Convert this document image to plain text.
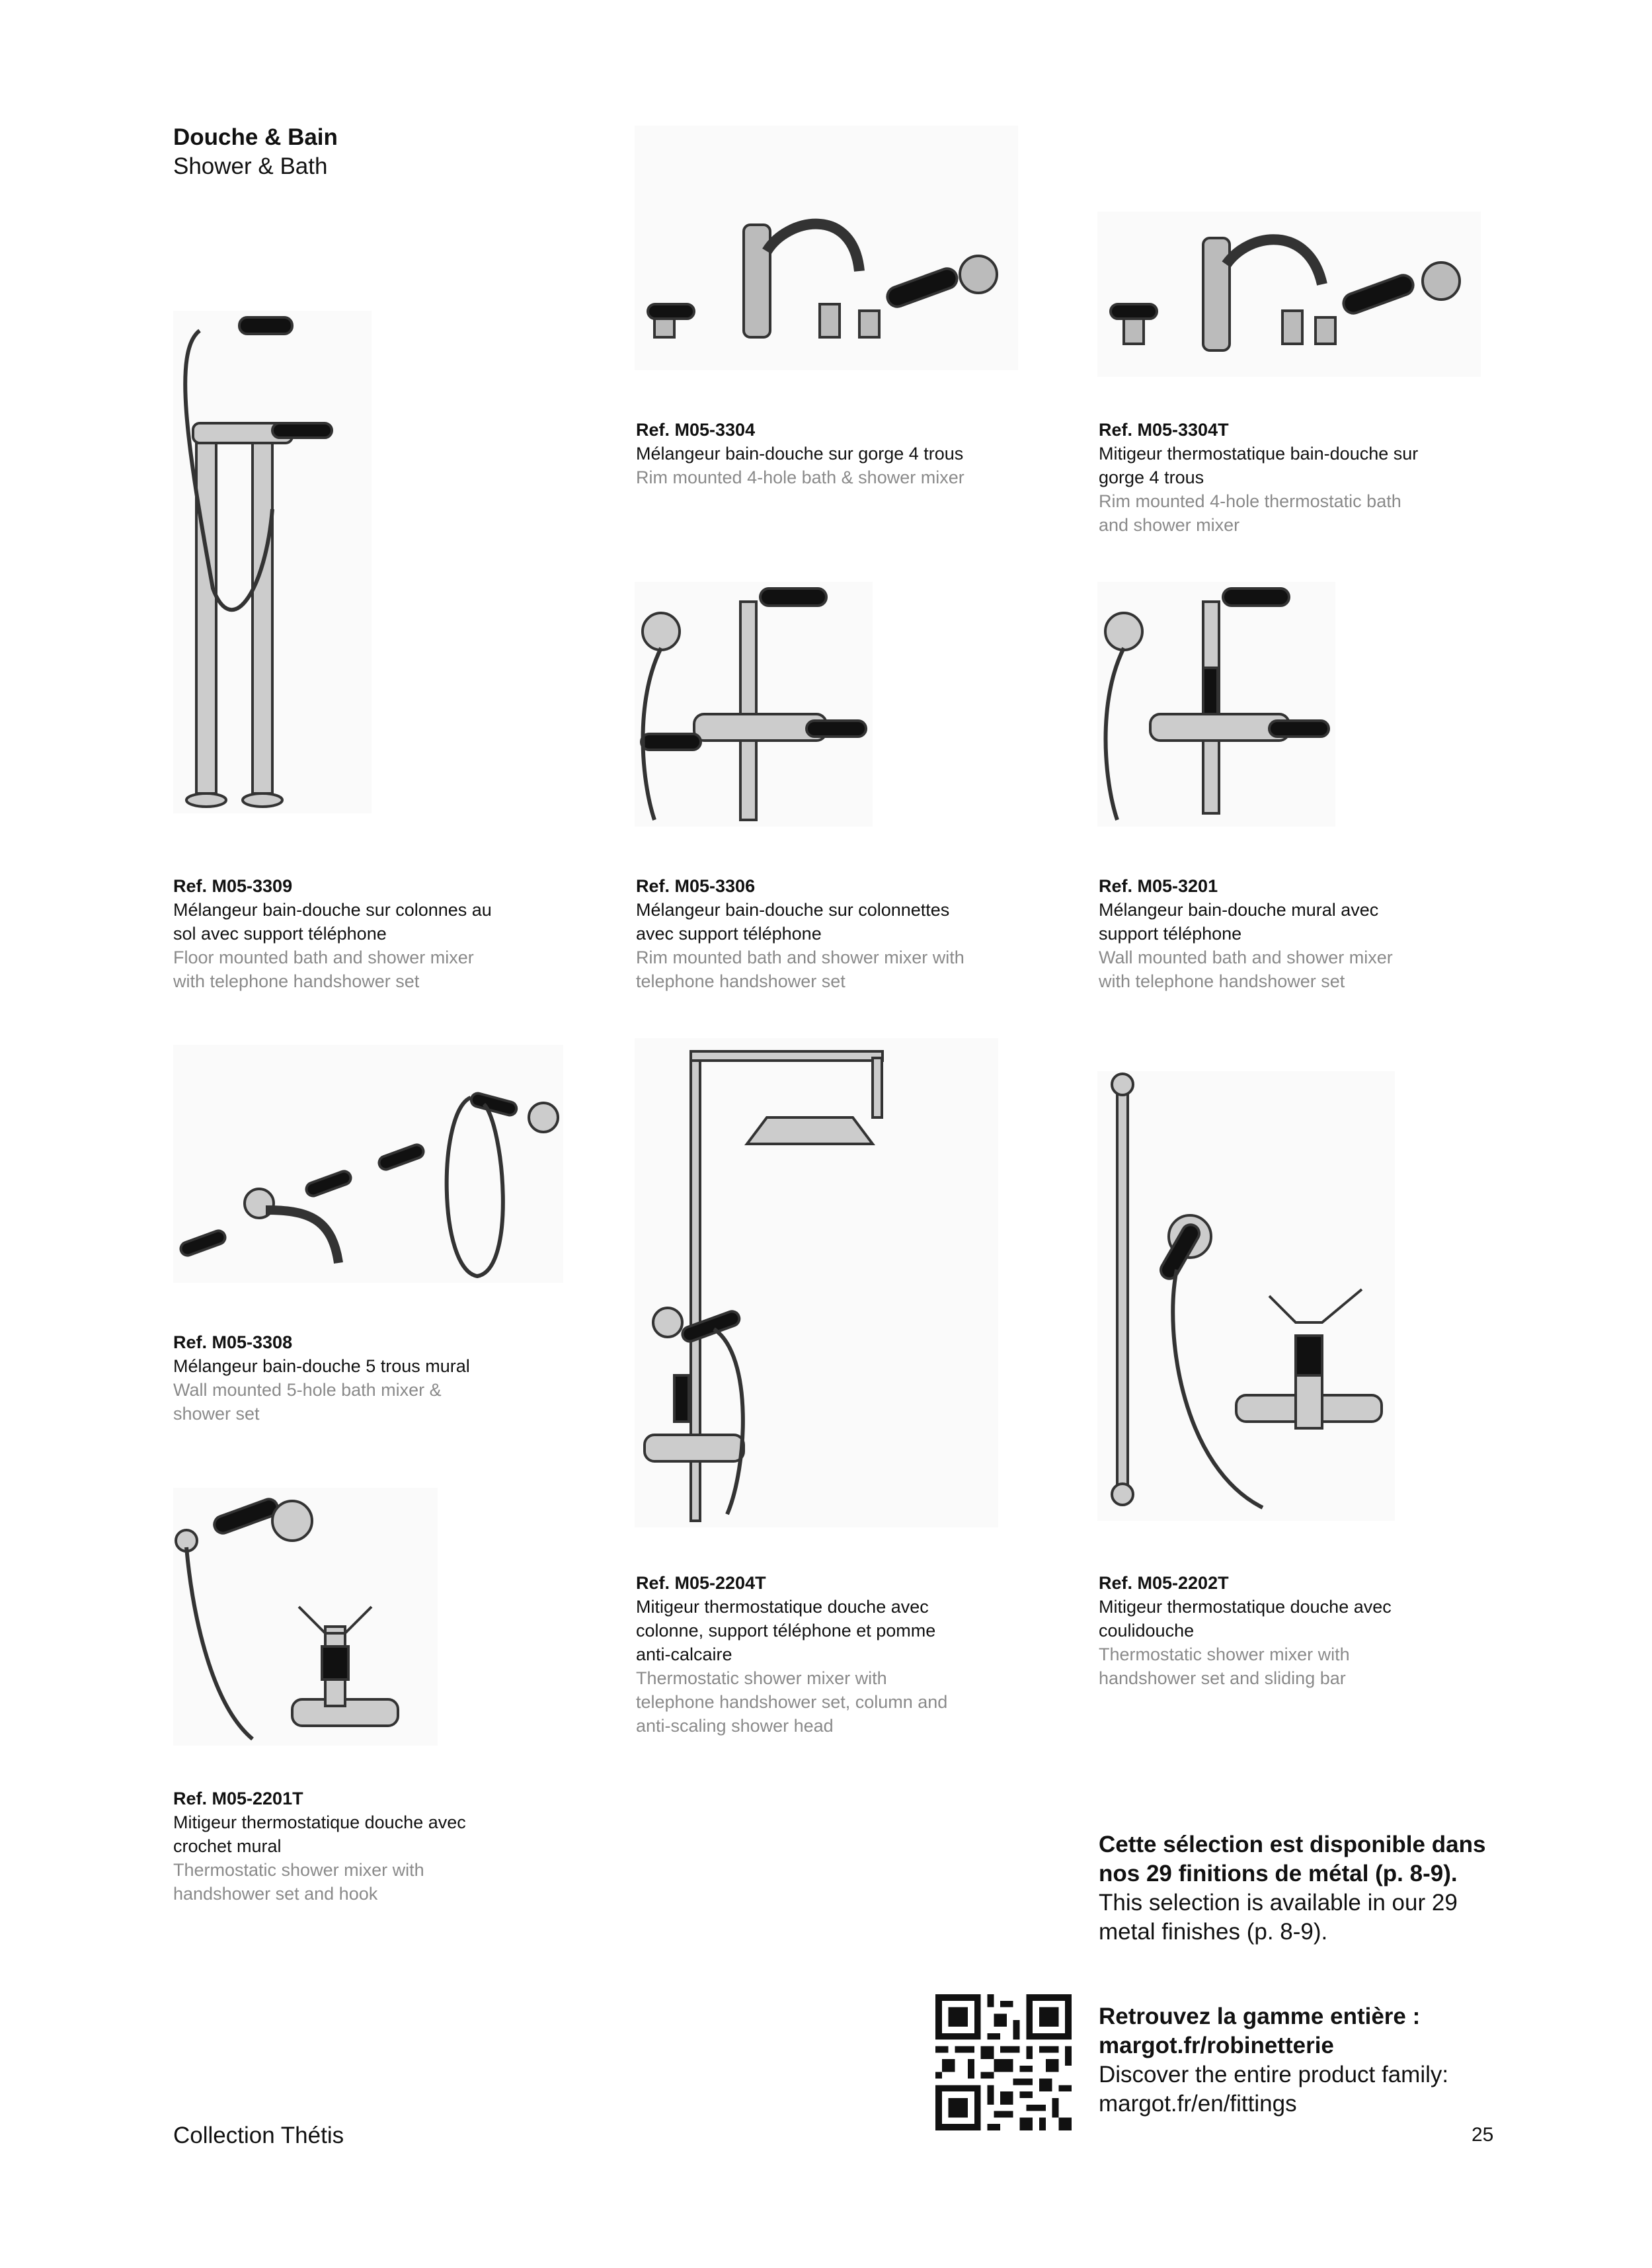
Douche & Bain
Shower & Bath
Ref. M05-3304
Mélangeur bain-douche sur gorge 4 trous
Rim mounted 4-hole bath & shower mixer
Ref. M05-3304T
Mitigeur thermostatique bain-douche sur gorge 4 trous
Rim mounted 4-hole thermostatic bath and shower mixer
Ref. M05-3309
Mélangeur bain-douche sur colonnes au sol avec support téléphone
Floor mounted bath and shower mixer with telephone handshower set
Ref. M05-3306
Mélangeur bain-douche sur colonnettes avec support téléphone
Rim mounted bath and shower mixer with telephone handshower set
Ref. M05-3201
Mélangeur bain-douche mural avec support téléphone
Wall mounted bath and shower mixer with telephone handshower set
Ref. M05-3308
Mélangeur bain-douche 5 trous mural
Wall mounted 5-hole bath mixer & shower set
Ref. M05-2204T
Mitigeur thermostatique douche avec colonne, support téléphone et pomme anti-calcaire
Thermostatic shower mixer with telephone handshower set, column and anti-scaling shower head
Ref. M05-2202T
Mitigeur thermostatique douche avec coulidouche
Thermostatic shower mixer with handshower set and sliding bar
Ref. M05-2201T
Mitigeur thermostatique douche avec crochet mural
Thermostatic shower mixer with handshower set and hook
Cette sélection est disponible dans nos 29 finitions de métal (p. 8-9).
This selection is available in our 29 metal finishes (p. 8-9).
Retrouvez la gamme entière : margot.fr/robinetterie
Discover the entire product family: margot.fr/en/fittings
Collection Thétis	25
